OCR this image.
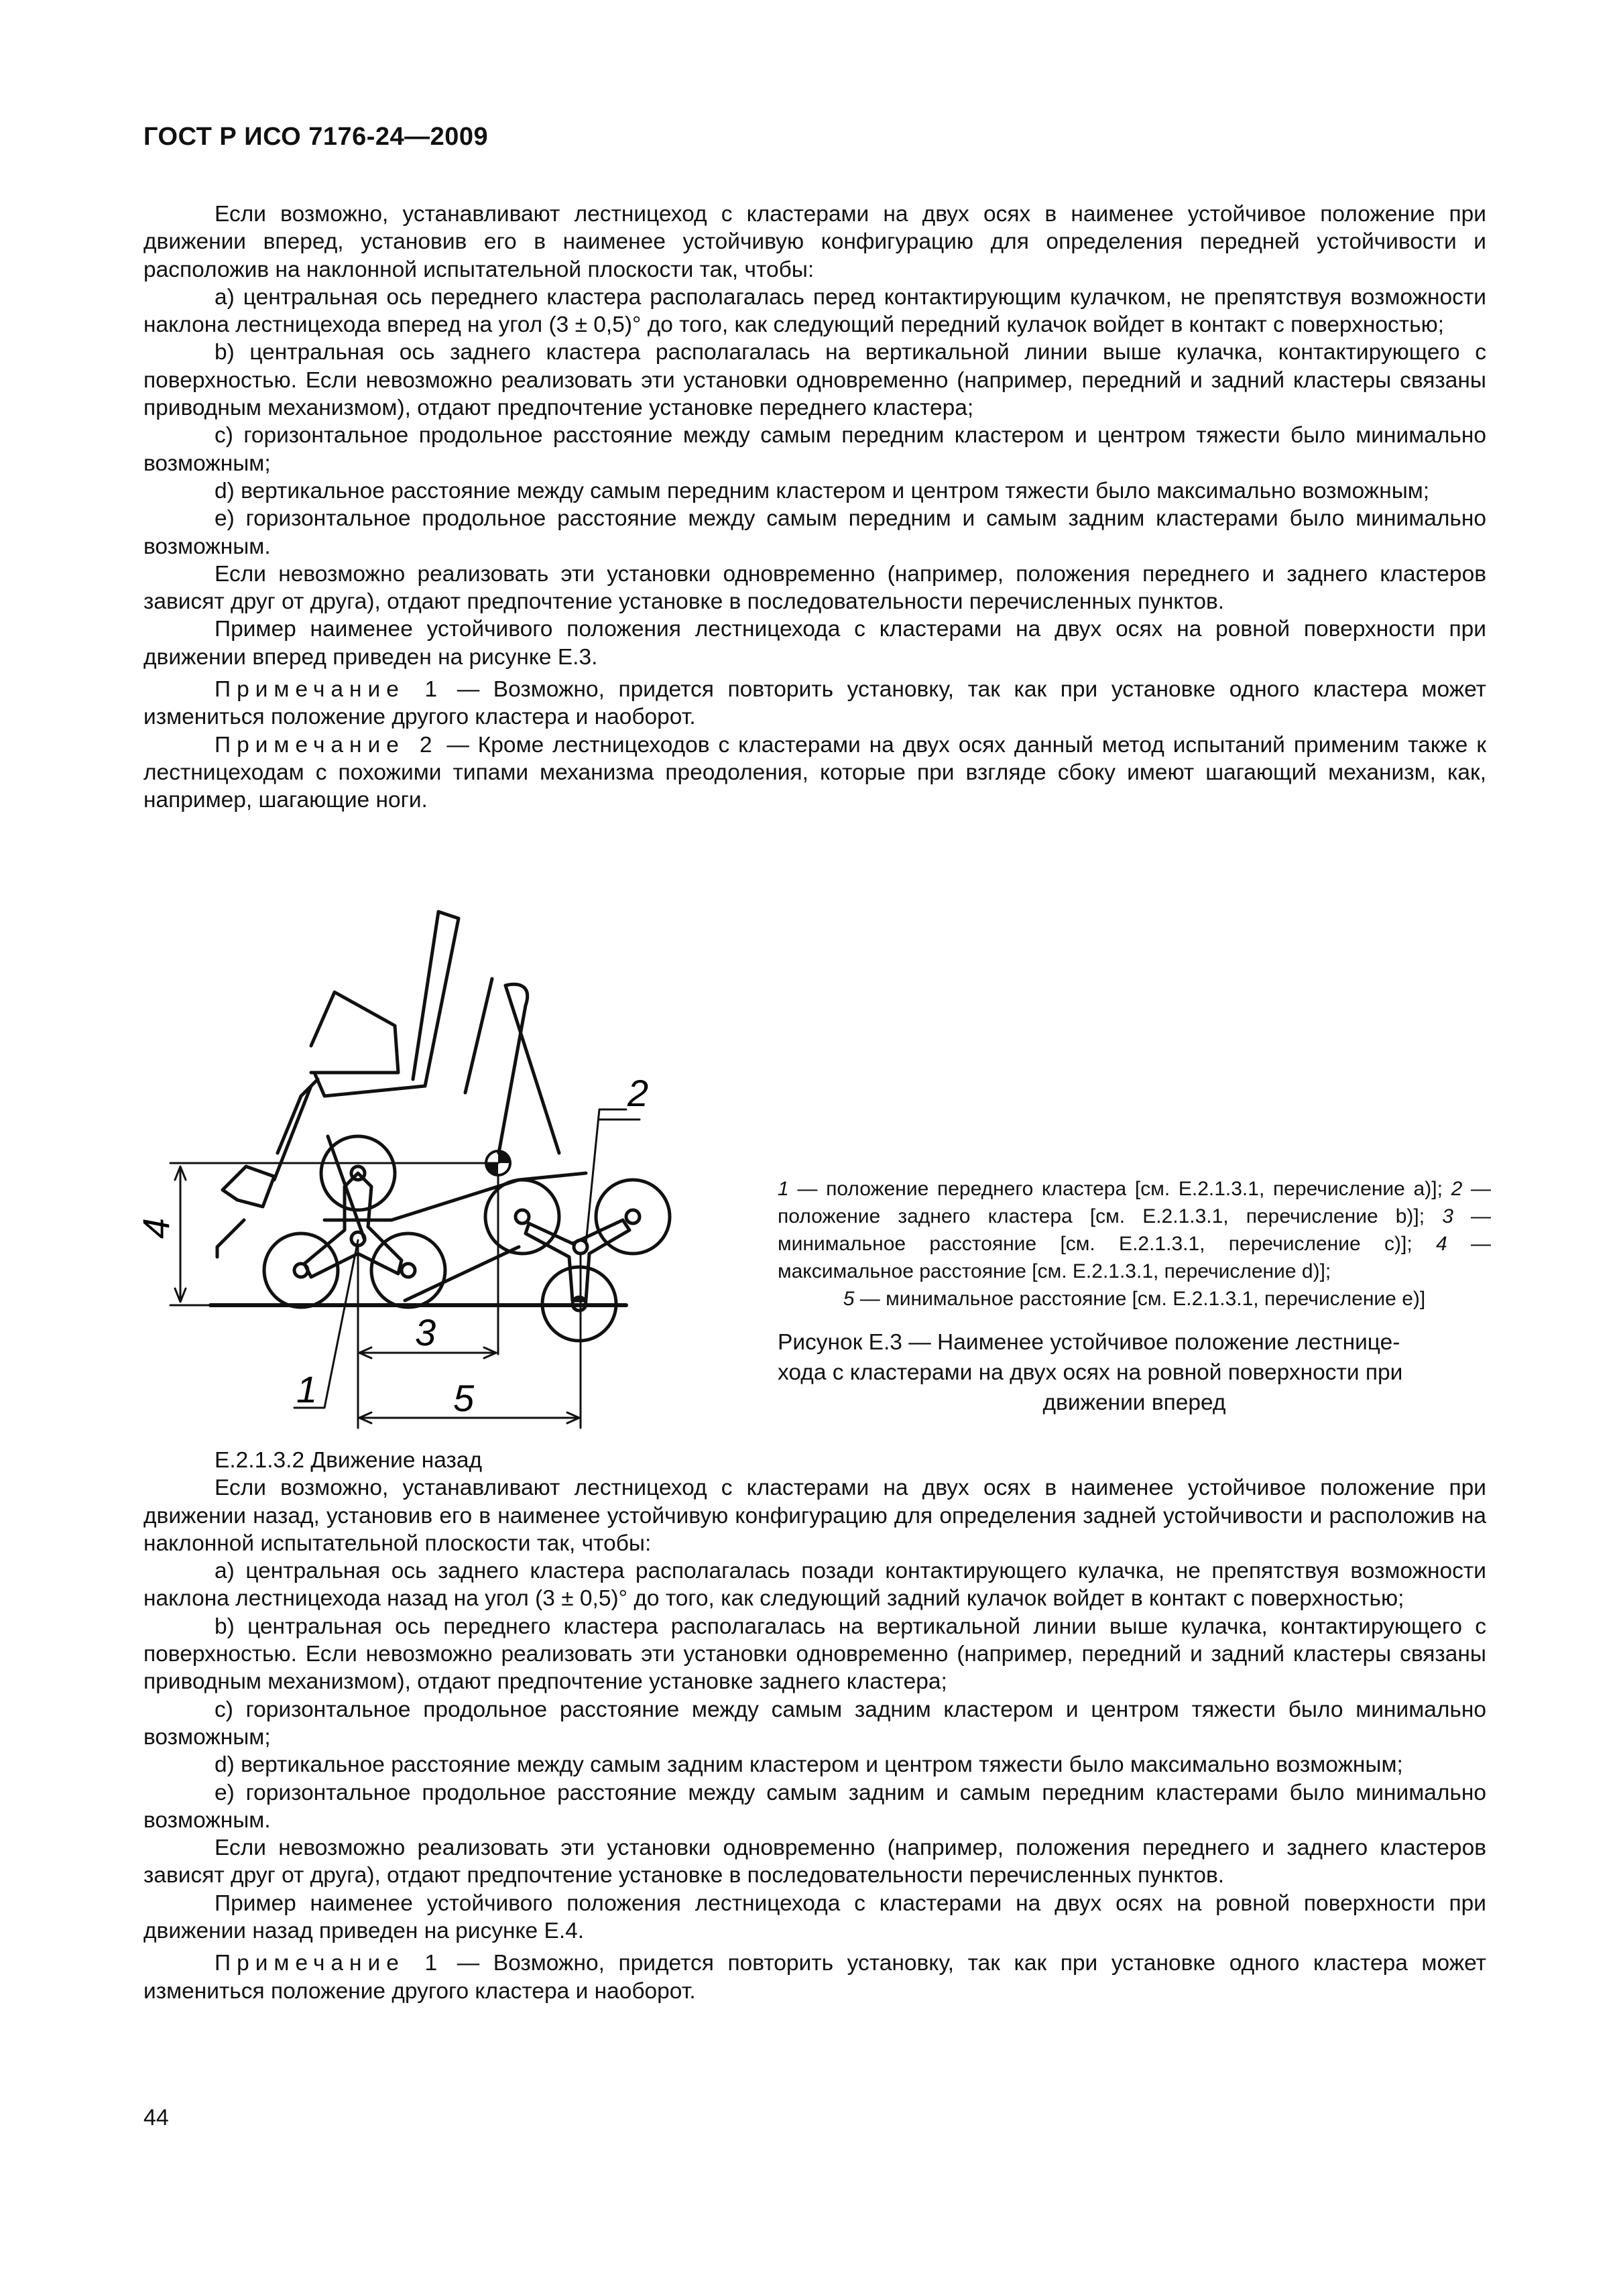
ГОСТ Р ИСО 7176-24—2009

Если возможно, устанавливают лестницеход с кластерами на двух осях в наименее устойчивое положение при движении вперед, установив его в наименее устойчивую конфигурацию для определения передней устойчивости и расположив на наклонной испытательной плоскости так, чтобы:

a) центральная ось переднего кластера располагалась перед контактирующим кулачком, не препятствуя возможности наклона лестницехода вперед на угол (3 ± 0,5)° до того, как следующий передний кулачок войдет в контакт с поверхностью;

b) центральная ось заднего кластера располагалась на вертикальной линии выше кулачка, контактирующего с поверхностью. Если невозможно реализовать эти установки одновременно (например, передний и задний кластеры связаны приводным механизмом), отдают предпочтение установке переднего кластера;

c) горизонтальное продольное расстояние между самым передним кластером и центром тяжести было минимально возможным;

d) вертикальное расстояние между самым передним кластером и центром тяжести было максимально возможным;

e) горизонтальное продольное расстояние между самым передним и самым задним кластерами было минимально возможным.

Если невозможно реализовать эти установки одновременно (например, положения переднего и заднего кластеров зависят друг от друга), отдают предпочтение установке в последовательности перечисленных пунктов.

Пример наименее устойчивого положения лестницехода с кластерами на двух осях на ровной поверхности при движении вперед приведен на рисунке Е.3.

Примечание 1 — Возможно, придется повторить установку, так как при установке одного кластера может измениться положение другого кластера и наоборот.

Примечание 2 — Кроме лестницеходов с кластерами на двух осях данный метод испытаний применим также к лестницеходам с похожими типами механизма преодоления, которые при взгляде сбоку имеют шагающий механизм, как, например, шагающие ноги.

1
2
3
4
5

1 — положение переднего кластера [см. Е.2.1.3.1, перечисление a)]; 2 — положение заднего кластера [см. Е.2.1.3.1, перечисление b)]; 3 — минимальное расстояние [см. Е.2.1.3.1, перечисление c)]; 4 — максимальное расстояние [см. Е.2.1.3.1, перечисление d)];

5 — минимальное расстояние [см. Е.2.1.3.1, перечисление e)]

Рисунок Е.3 — Наименее устойчивое положение лестнице-
хода с кластерами на двух осях на ровной поверхности при
движении вперед

Е.2.1.3.2 Движение назад

Если возможно, устанавливают лестницеход с кластерами на двух осях в наименее устойчивое положение при движении назад, установив его в наименее устойчивую конфигурацию для определения задней устойчивости и расположив на наклонной испытательной плоскости так, чтобы:

a) центральная ось заднего кластера располагалась позади контактирующего кулачка, не препятствуя возможности наклона лестницехода назад на угол (3 ± 0,5)° до того, как следующий задний кулачок войдет в контакт с поверхностью;

b) центральная ось переднего кластера располагалась на вертикальной линии выше кулачка, контактирующего с поверхностью. Если невозможно реализовать эти установки одновременно (например, передний и задний кластеры связаны приводным механизмом), отдают предпочтение установке заднего кластера;

c) горизонтальное продольное расстояние между самым задним кластером и центром тяжести было минимально возможным;

d) вертикальное расстояние между самым задним кластером и центром тяжести было максимально возможным;

e) горизонтальное продольное расстояние между самым задним и самым передним кластерами было минимально возможным.

Если невозможно реализовать эти установки одновременно (например, положения переднего и заднего кластеров зависят друг от друга), отдают предпочтение установке в последовательности перечисленных пунктов.

Пример наименее устойчивого положения лестницехода с кластерами на двух осях на ровной поверхности при движении назад приведен на рисунке Е.4.

Примечание 1 — Возможно, придется повторить установку, так как при установке одного кластера может измениться положение другого кластера и наоборот.

44
